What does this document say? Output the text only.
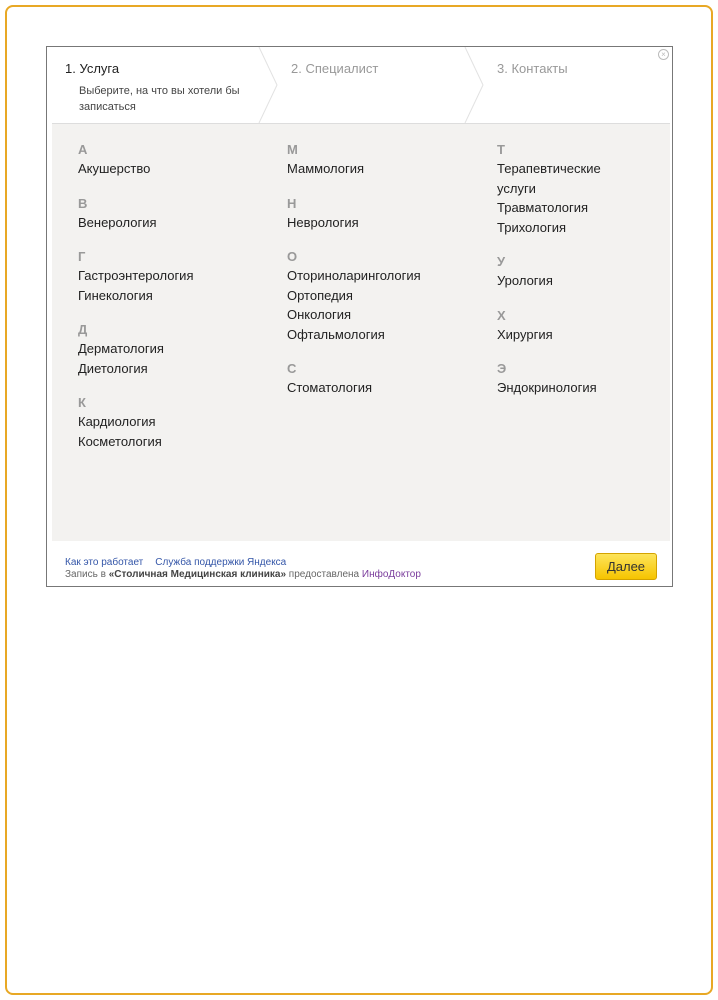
1. Услуга
Выберите, на что вы хотели бы записаться
2. Специалист	3. Контакты
×
А
Акушерство
В
Венерология
Г
Гастроэнтерология
Гинекология
Д
Дерматология
Диетология
К
Кардиология
Косметология
М
Маммология
Н
Неврология
О
Оториноларингология
Ортопедия
Онкология
Офтальмология
С
Стоматология
Т
Терапевтические услуги
Травматология
Трихология
У
Урология
Х
Хирургия
Э
Эндокринология
Как это работает Служба поддержки Яндекса
Запись в «Столичная Медицинская клиника» предоставлена ИнфоДоктор
Далее
